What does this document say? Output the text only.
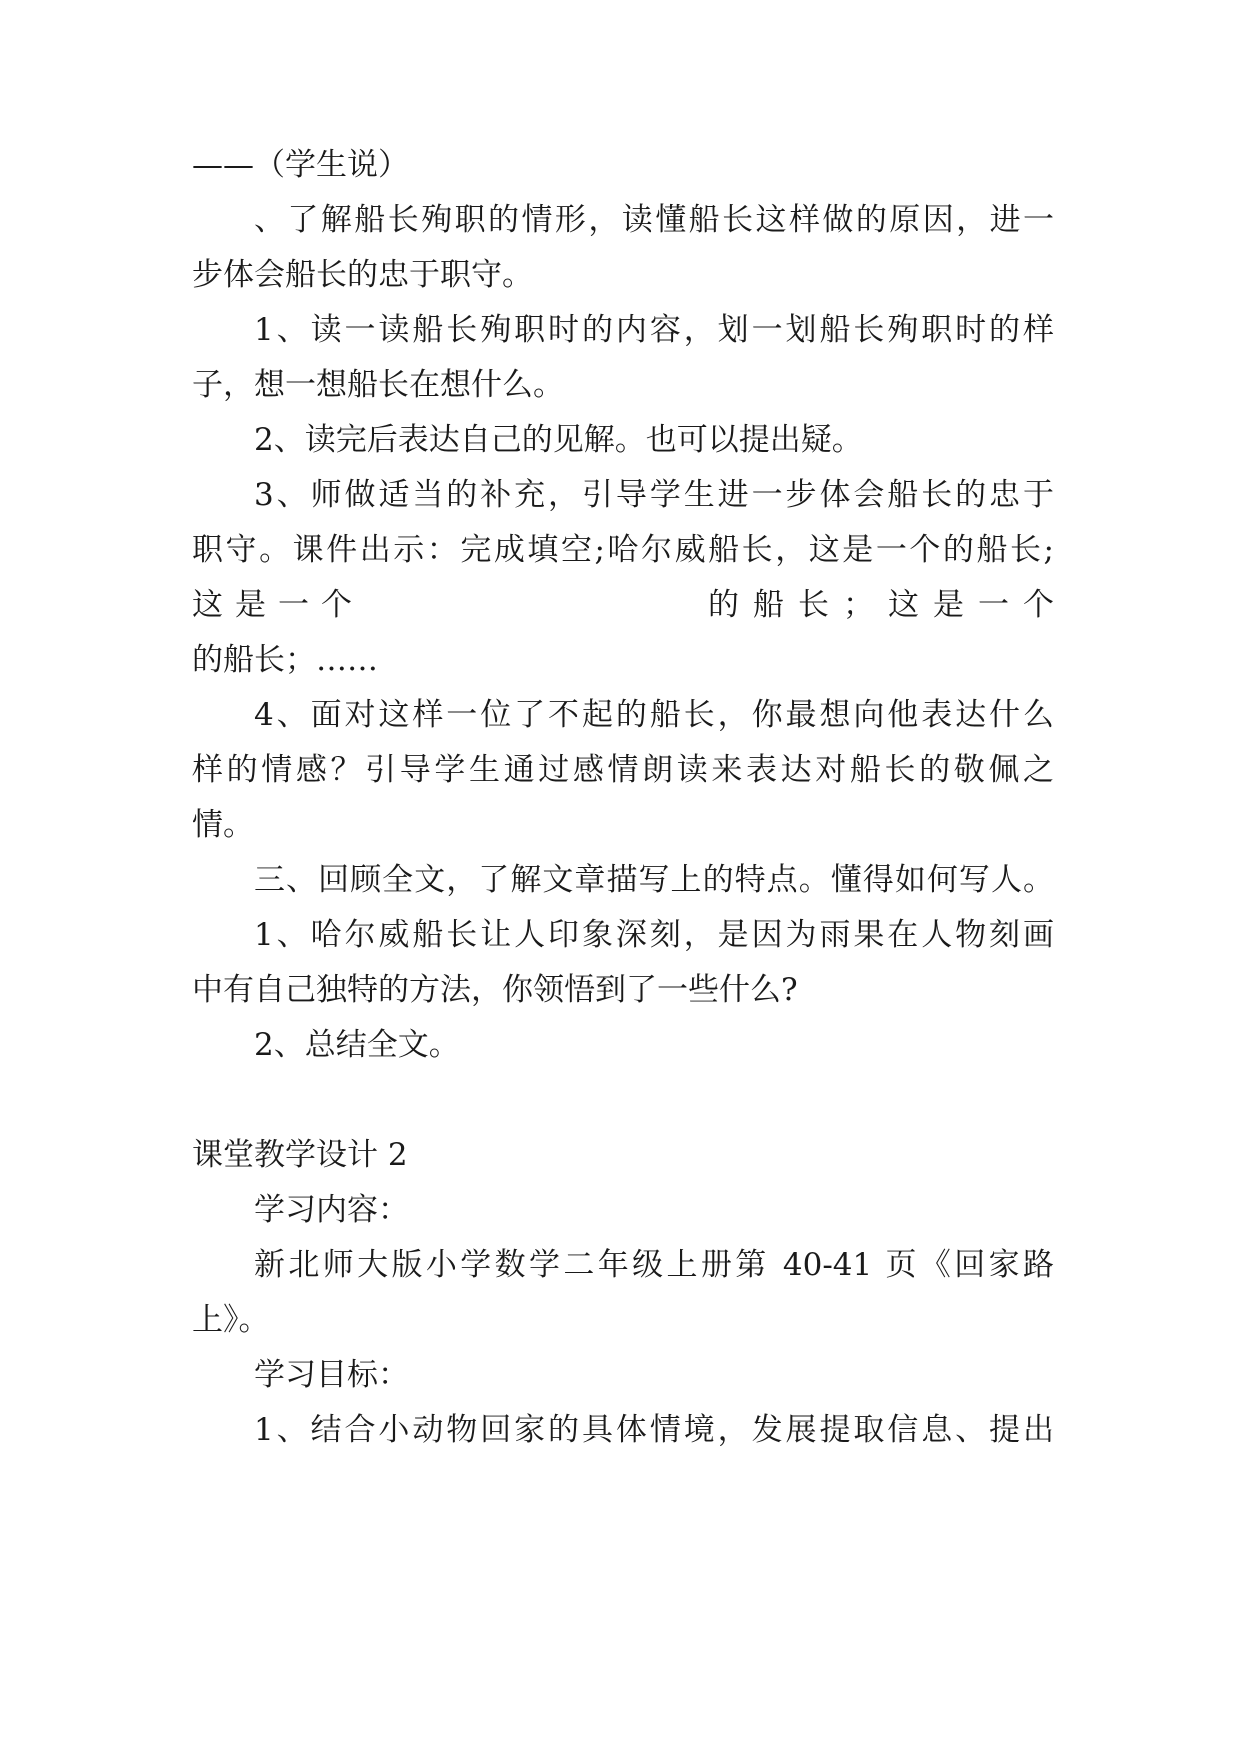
——（学生说）

、了解船长殉职的情形，读懂船长这样做的原因，进一

步体会船长的忠于职守。

1、读一读船长殉职时的内容，划一划船长殉职时的样

子，想一想船长在想什么。

2、读完后表达自己的见解。也可以提出疑。

3、师做适当的补充，引导学生进一步体会船长的忠于

职守。课件出示：完成填空;哈尔威船长，这是一个的船长;

这 是 一 个	的 船 长 ； 这 是 一 个

的船长；……

4、面对这样一位了不起的船长，你最想向他表达什么

样的情感？引导学生通过感情朗读来表达对船长的敬佩之

情。

三、回顾全文，了解文章描写上的特点。懂得如何写人。

1、哈尔威船长让人印象深刻，是因为雨果在人物刻画

中有自己独特的方法，你领悟到了一些什么?

2、总结全文。

课堂教学设计 2

学习内容：

新北师大版小学数学二年级上册第 40-41 页《回家路

上》。

学习目标：

1、结合小动物回家的具体情境，发展提取信息、提出
